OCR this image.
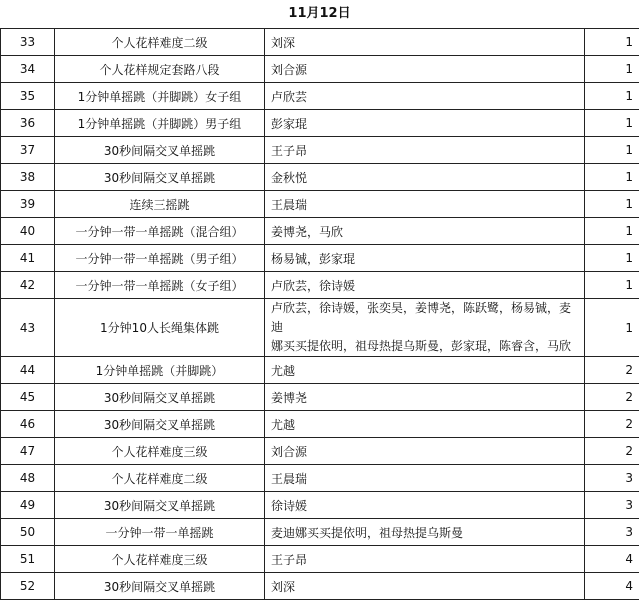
11月12日
33	个人花样难度二级	刘深	1
34	个人花样规定套路八段	刘合源	1
35	1分钟单摇跳（并脚跳）女子组	卢欣芸	1
36	1分钟单摇跳（并脚跳）男子组	彭家琨	1
37	30秒间隔交叉单摇跳	王子昂	1
38	30秒间隔交叉单摇跳	金秋悦	1
39	连续三摇跳	王晨瑞	1
40	一分钟一带一单摇跳（混合组）	姜博尧，马欣	1
41	一分钟一带一单摇跳（男子组）	杨易铖，彭家琨	1
42	一分钟一带一单摇跳（女子组）	卢欣芸，徐诗媛	1
43	1分钟10人长绳集体跳	卢欣芸，徐诗媛，张奕昊，姜博尧，陈跃鹭，杨易铖，麦迪
娜买买提依明，祖母热提乌斯曼，彭家琨，陈睿含，马欣	1
44	1分钟单摇跳（并脚跳）	尤越	2
45	30秒间隔交叉单摇跳	姜博尧	2
46	30秒间隔交叉单摇跳	尤越	2
47	个人花样难度三级	刘合源	2
48	个人花样难度二级	王晨瑞	3
49	30秒间隔交叉单摇跳	徐诗媛	3
50	一分钟一带一单摇跳	麦迪娜买买提依明，祖母热提乌斯曼	3
51	个人花样难度三级	王子昂	4
52	30秒间隔交叉单摇跳	刘深	4
